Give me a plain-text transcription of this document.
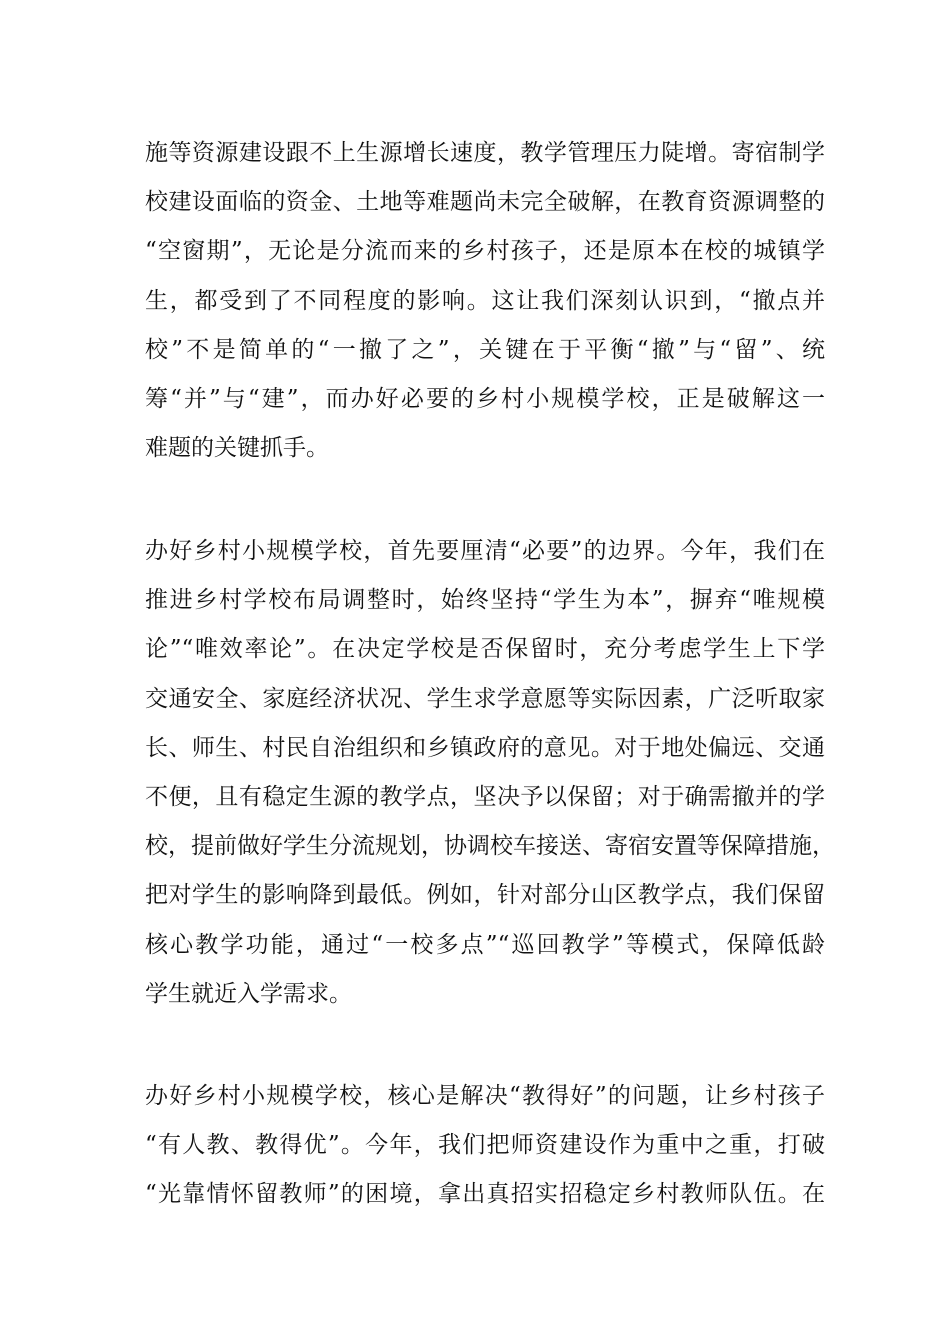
施等资源建设跟不上生源增长速度，教学管理压力陡增。寄宿制学
校建设面临的资金、土地等难题尚未完全破解，在教育资源调整的
“空窗期”，无论是分流而来的乡村孩子，还是原本在校的城镇学
生，都受到了不同程度的影响。这让我们深刻认识到，“撤点并
校”不是简单的“一撤了之”，关键在于平衡“撤”与“留”、统
筹“并”与“建”，而办好必要的乡村小规模学校，正是破解这一
难题的关键抓手。
办好乡村小规模学校，首先要厘清“必要”的边界。今年，我们在
推进乡村学校布局调整时，始终坚持“学生为本”，摒弃“唯规模
论”“唯效率论”。在决定学校是否保留时，充分考虑学生上下学
交通安全、家庭经济状况、学生求学意愿等实际因素，广泛听取家
长、师生、村民自治组织和乡镇政府的意见。对于地处偏远、交通
不便，且有稳定生源的教学点，坚决予以保留；对于确需撤并的学
校，提前做好学生分流规划，协调校车接送、寄宿安置等保障措施，
把对学生的影响降到最低。例如，针对部分山区教学点，我们保留
核心教学功能，通过“一校多点”“巡回教学”等模式，保障低龄
学生就近入学需求。
办好乡村小规模学校，核心是解决“教得好”的问题，让乡村孩子
“有人教、教得优”。今年，我们把师资建设作为重中之重，打破
“光靠情怀留教师”的困境，拿出真招实招稳定乡村教师队伍。在
